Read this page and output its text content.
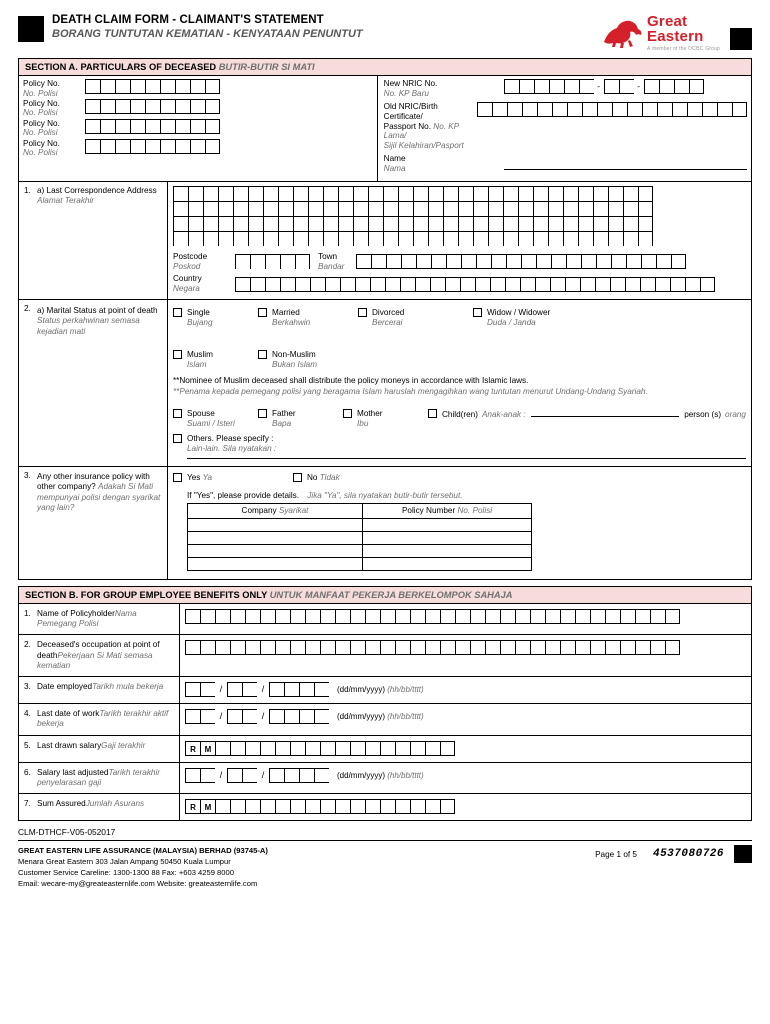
DEATH CLAIM FORM - CLAIMANT'S STATEMENT
BORANG TUNTUTAN KEMATIAN - KENYATAAN PENUNTUT
Great
Eastern
A member of the OCBC Group
SECTION A. PARTICULARS OF DECEASED BUTIR-BUTIR SI MATI
Policy No.
No. Polisi
Policy No.
No. Polisi
Policy No.
No. Polisi
Policy No.
No. Polisi
New NRIC No.
No. KP Baru
-	-
Old NRIC/Birth Certificate/
Passport No. No. KP Lama/
Sijil Kelahiran/Pasport
Name
Nama
1. a) Last Correspondence Address Alamat Terakhir
Postcode
Poskod
Town
Bandar
Country
Negara
2. a) Marital Status at point of death Status perkahwinan semasa kejadian mati
Single
Bujang
Married
Berkahwin
Divorced
Bercerai
Widow / Widower
Duda / Janda
Muslim
Islam
Non-Muslim
Bukan Islam
**Nominee of Muslim deceased shall distribute the policy moneys in accordance with Islamic laws.
**Penama kepada pemegang polisi yang beragama Islam haruslah mengagihkan wang tuntutan menurut Undang-Undang Syariah.
Spouse
Suami / Isteri
Father
Bapa
Mother
Ibu
Child(ren) Anak-anak :	person (s) orang
Others. Please specify :
Lain-lain. Sila nyatakan :
3. Any other insurance policy with other company? Adakah Si Mati mempunyai polisi dengan syarikat yang lain?
Yes Ya	No Tidak
If "Yes", please provide details. Jika "Ya", sila nyatakan butir-butir tersebut.
Company Syarikat	Policy Number No. Polisi

SECTION B. FOR GROUP EMPLOYEE BENEFITS ONLY UNTUK MANFAAT PEKERJA BERKELOMPOK SAHAJA
1. Name of PolicyholderNama Pemegang Polisi
2. Deceased's occupation at point of deathPekerjaan Si Mati semasa kematian
3. Date employedTarikh mula bekerja	/	/	(dd/mm/yyyy) (hh/bb/tttt)
4. Last date of workTarikh terakhir aktif bekerja
/	/	(dd/mm/yyyy) (hh/bb/tttt)
5. Last drawn salaryGaji terakhir	R	M
6. Salary last adjustedTarikh terakhir penyelarasan gaji
/	/	(dd/mm/yyyy) (hh/bb/tttt)
7. Sum AssuredJumlah Asurans	R	M
CLM-DTHCF-V05-052017
GREAT EASTERN LIFE ASSURANCE (MALAYSIA) BERHAD (93745-A)
Menara Great Eastern 303 Jalan Ampang 50450 Kuala Lumpur
Customer Service Careline: 1300-1300 88 Fax: +603 4259 8000
Email: wecare-my@greateasternlife.com Website: greateasternlife.com
Page 1 of 5 4537080726
